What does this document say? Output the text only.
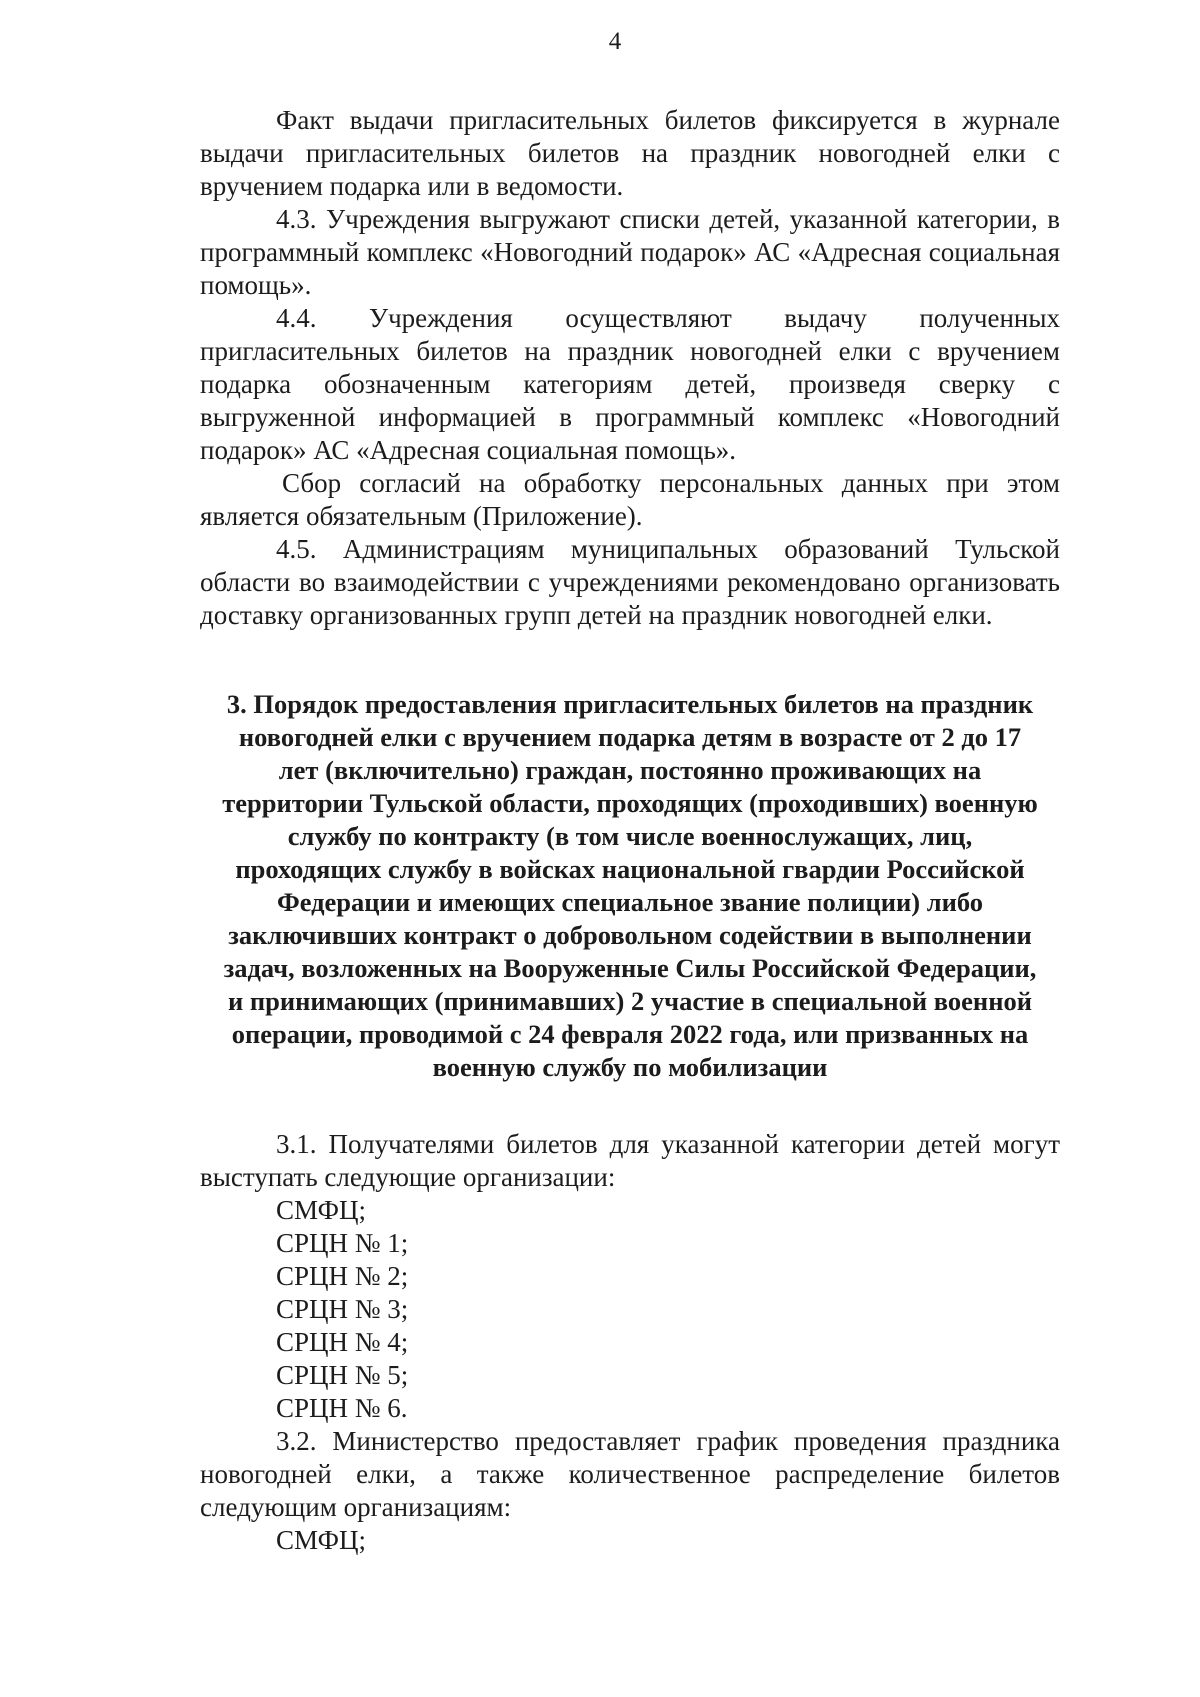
4

Факт выдачи пригласительных билетов фиксируется в журнале выдачи пригласительных билетов на праздник новогодней елки с вручением подарка или в ведомости.

4.3. Учреждения выгружают списки детей, указанной категории, в программный комплекс «Новогодний подарок» АС «Адресная социальная помощь».

4.4. Учреждения осуществляют выдачу полученных пригласительных билетов на праздник новогодней елки с вручением подарка обозначенным категориям детей, произведя сверку с выгруженной информацией в программный комплекс «Новогодний подарок» АС «Адресная социальная помощь».

Сбор согласий на обработку персональных данных при этом является обязательным (Приложение).

4.5. Администрациям муниципальных образований Тульской области во взаимодействии с учреждениями рекомендовано организовать доставку организованных групп детей на праздник новогодней елки.

3. Порядок предоставления пригласительных билетов на праздник новогодней елки с вручением подарка детям в возрасте от 2 до 17 лет (включительно) граждан, постоянно проживающих на территории Тульской области, проходящих (проходивших) военную службу по контракту (в том числе военнослужащих, лиц, проходящих службу в войсках национальной гвардии Российской Федерации и имеющих специальное звание полиции) либо заключивших контракт о добровольном содействии в выполнении задач, возложенных на Вооруженные Силы Российской Федерации, и принимающих (принимавших) 2 участие в специальной военной операции, проводимой с 24 февраля 2022 года, или призванных на военную службу по мобилизации

3.1. Получателями билетов для указанной категории детей могут выступать следующие организации:

СМФЦ;

СРЦН № 1;

СРЦН № 2;

СРЦН № 3;

СРЦН № 4;

СРЦН № 5;

СРЦН № 6.

3.2. Министерство предоставляет график проведения праздника новогодней елки, а также количественное распределение билетов следующим организациям:

СМФЦ;
